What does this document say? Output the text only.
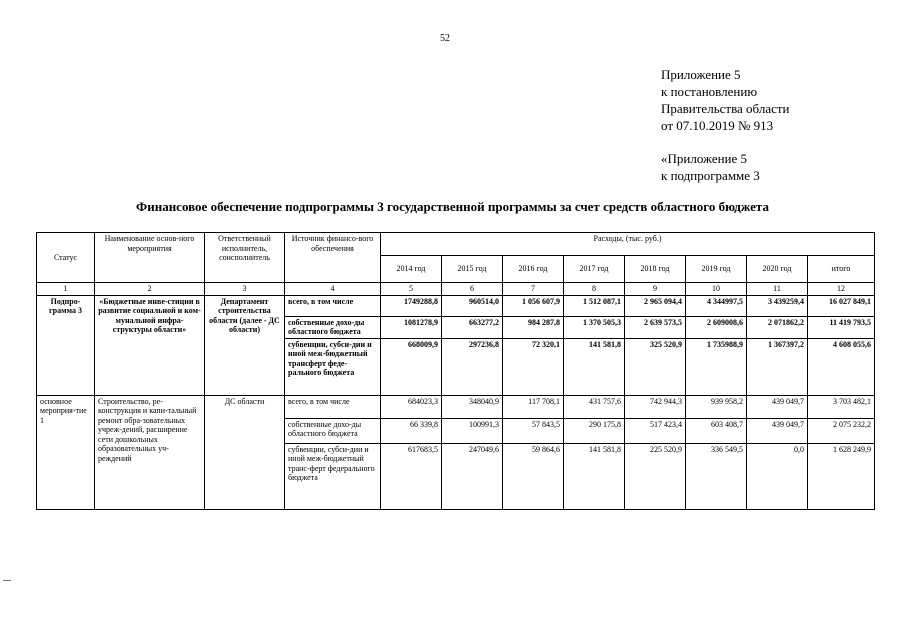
52
Приложение 5
к постановлению
Правительства области
от 07.10.2019 № 913
«Приложение 5
к подпрограмме 3
Финансовое обеспечение подпрограммы 3 государственной программы за счет средств областного бюджета
Статус	Наименование основ-ного мероприятия	Ответственный исполнитель, соисполнитель	Источник финансо-вого обеспечения	Расходы, (тыс. руб.)							
				2014 год	2015 год	2016 год	2017 год	2018 год	2019 год	2020 год	итого
1	2	3	4	5	6	7	8	9	10	11	12
Подпро-грамма 3	«Бюджетные инве-стиции в развитие социальной и ком-мунальной инфра-структуры области»	Департамент строительства области (далее - ДС области)	всего, в том числе	1749288,8	960514,0	1 056 607,9	1 512 087,1	2 965 094,4	4 344997,5	3 439259,4	16 027 849,1
			собственные дохо-ды областного бюджета	1081278,9	663277,2	984 287,8	1 370 505,3	2 639 573,5	2 609008,6	2 071862,2	11 419 793,5
			субвенции, субси-дии и иной меж-бюджетный трансферт феде-рального бюджета	668009,9	297236,8	72 320,1	141 581,8	325 520,9	1 735988,9	1 367397,2	4 608 055,6
основное мероприя-тие 1	Строительство, ре-конструкция и капи-тальный ремонт обра-зовательных учреж-дений, расширение сети дошкольных образовательных уч-реждений	ДС области	всего, в том числе	684023,3	348040,9	117 708,1	431 757,6	742 944,3	939 958,2	439 049,7	3 703 482,1
			собственные дохо-ды областного бюджета	66 339,8	100991,3	57 843,5	290 175,8	517 423,4	603 408,7	439 049,7	2 075 232,2
			субвенции, субси-дии и иной меж-бюджетный транс-ферт федерального бюджета	617683,5	247049,6	59 864,6	141 581,8	225 520,9	336 549,5	0,0	1 628 249,9
